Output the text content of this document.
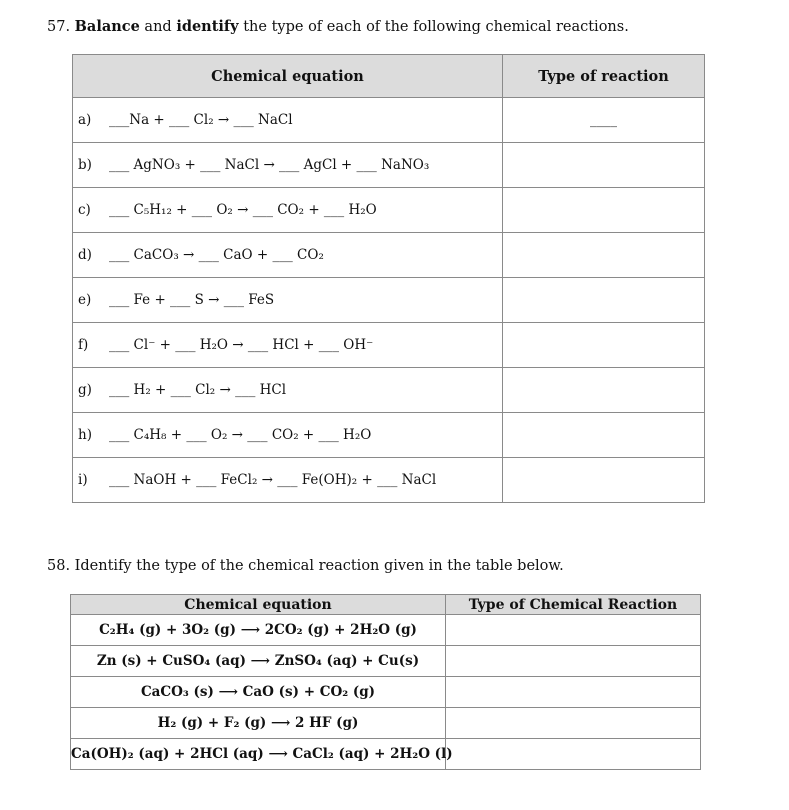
57. Balance and identify the type of each of the following chemical reactions.
Chemical equation	Type of reaction
a) ___Na + ___ Cl₂ → ___ NaCl	____
b) ___ AgNO₃ + ___ NaCl → ___ AgCl + ___ NaNO₃	
c) ___ C₅H₁₂ + ___ O₂ → ___ CO₂ + ___ H₂O	
d) ___ CaCO₃ → ___ CaO + ___ CO₂	
e) ___ Fe + ___ S → ___ FeS	
f) ___ Cl⁻ + ___ H₂O → ___ HCl + ___ OH⁻	
g) ___ H₂ + ___ Cl₂ → ___ HCl	
h) ___ C₄H₈ + ___ O₂ → ___ CO₂ + ___ H₂O	
i) ___ NaOH + ___ FeCl₂ → ___ Fe(OH)₂ + ___ NaCl	
58. Identify the type of the chemical reaction given in the table below.
Chemical equation	Type of Chemical Reaction
C₂H₄ (g) + 3O₂ (g) ⟶ 2CO₂ (g) + 2H₂O (g)	
Zn (s) + CuSO₄ (aq) ⟶ ZnSO₄ (aq) + Cu(s)	
CaCO₃ (s) ⟶ CaO (s) + CO₂ (g)	
H₂ (g) + F₂ (g) ⟶ 2 HF (g)	
Ca(OH)₂ (aq) + 2HCl (aq) ⟶ CaCl₂ (aq) + 2H₂O (l)	
